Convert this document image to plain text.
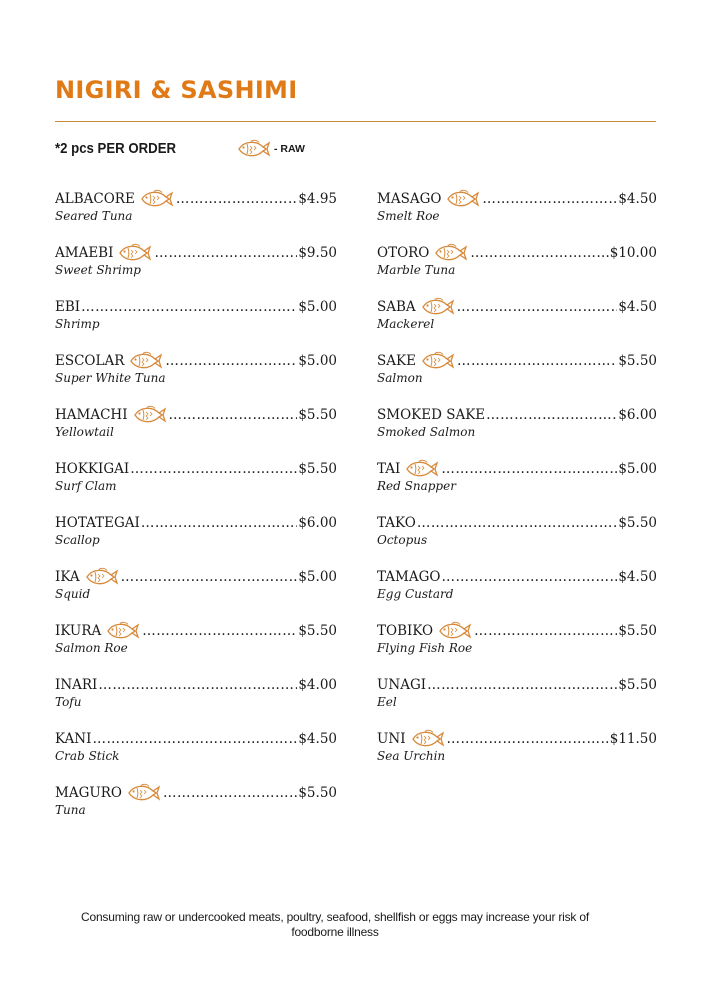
NIGIRI & SASHIMI
*2 pcs PER ORDER	- RAW
ALBACORE ……………………………………………………………………………………………………………………………………	$4.95
Seared Tuna
AMAEBI ……………………………………………………………………………………………………………………………………	$9.50
Sweet Shrimp
EBI ……………………………………………………………………………………………………………………………………	$5.00
Shrimp
ESCOLAR ……………………………………………………………………………………………………………………………………	$5.00
Super White Tuna
HAMACHI ……………………………………………………………………………………………………………………………………	$5.50
Yellowtail
HOKKIGAI ……………………………………………………………………………………………………………………………………	$5.50
Surf Clam
HOTATEGAI ……………………………………………………………………………………………………………………………………	$6.00
Scallop
IKA ……………………………………………………………………………………………………………………………………	$5.00
Squid
IKURA ……………………………………………………………………………………………………………………………………	$5.50
Salmon Roe
INARI ……………………………………………………………………………………………………………………………………	$4.00
Tofu
KANI ……………………………………………………………………………………………………………………………………	$4.50
Crab Stick
MAGURO ……………………………………………………………………………………………………………………………………	$5.50
Tuna
MASAGO ……………………………………………………………………………………………………………………………………	$4.50
Smelt Roe
OTORO ……………………………………………………………………………………………………………………………………	$10.00
Marble Tuna
SABA ……………………………………………………………………………………………………………………………………	$4.50
Mackerel
SAKE ……………………………………………………………………………………………………………………………………	$5.50
Salmon
SMOKED SAKE ……………………………………………………………………………………………………………………………………	$6.00
Smoked Salmon
TAI ……………………………………………………………………………………………………………………………………	$5.00
Red Snapper
TAKO ……………………………………………………………………………………………………………………………………	$5.50
Octopus
TAMAGO ……………………………………………………………………………………………………………………………………	$4.50
Egg Custard
TOBIKO ……………………………………………………………………………………………………………………………………	$5.50
Flying Fish Roe
UNAGI ……………………………………………………………………………………………………………………………………	$5.50
Eel
UNI ……………………………………………………………………………………………………………………………………	$11.50
Sea Urchin
Consuming raw or undercooked meats, poultry, seafood, shellfish or eggs may increase your risk of
foodborne illness
